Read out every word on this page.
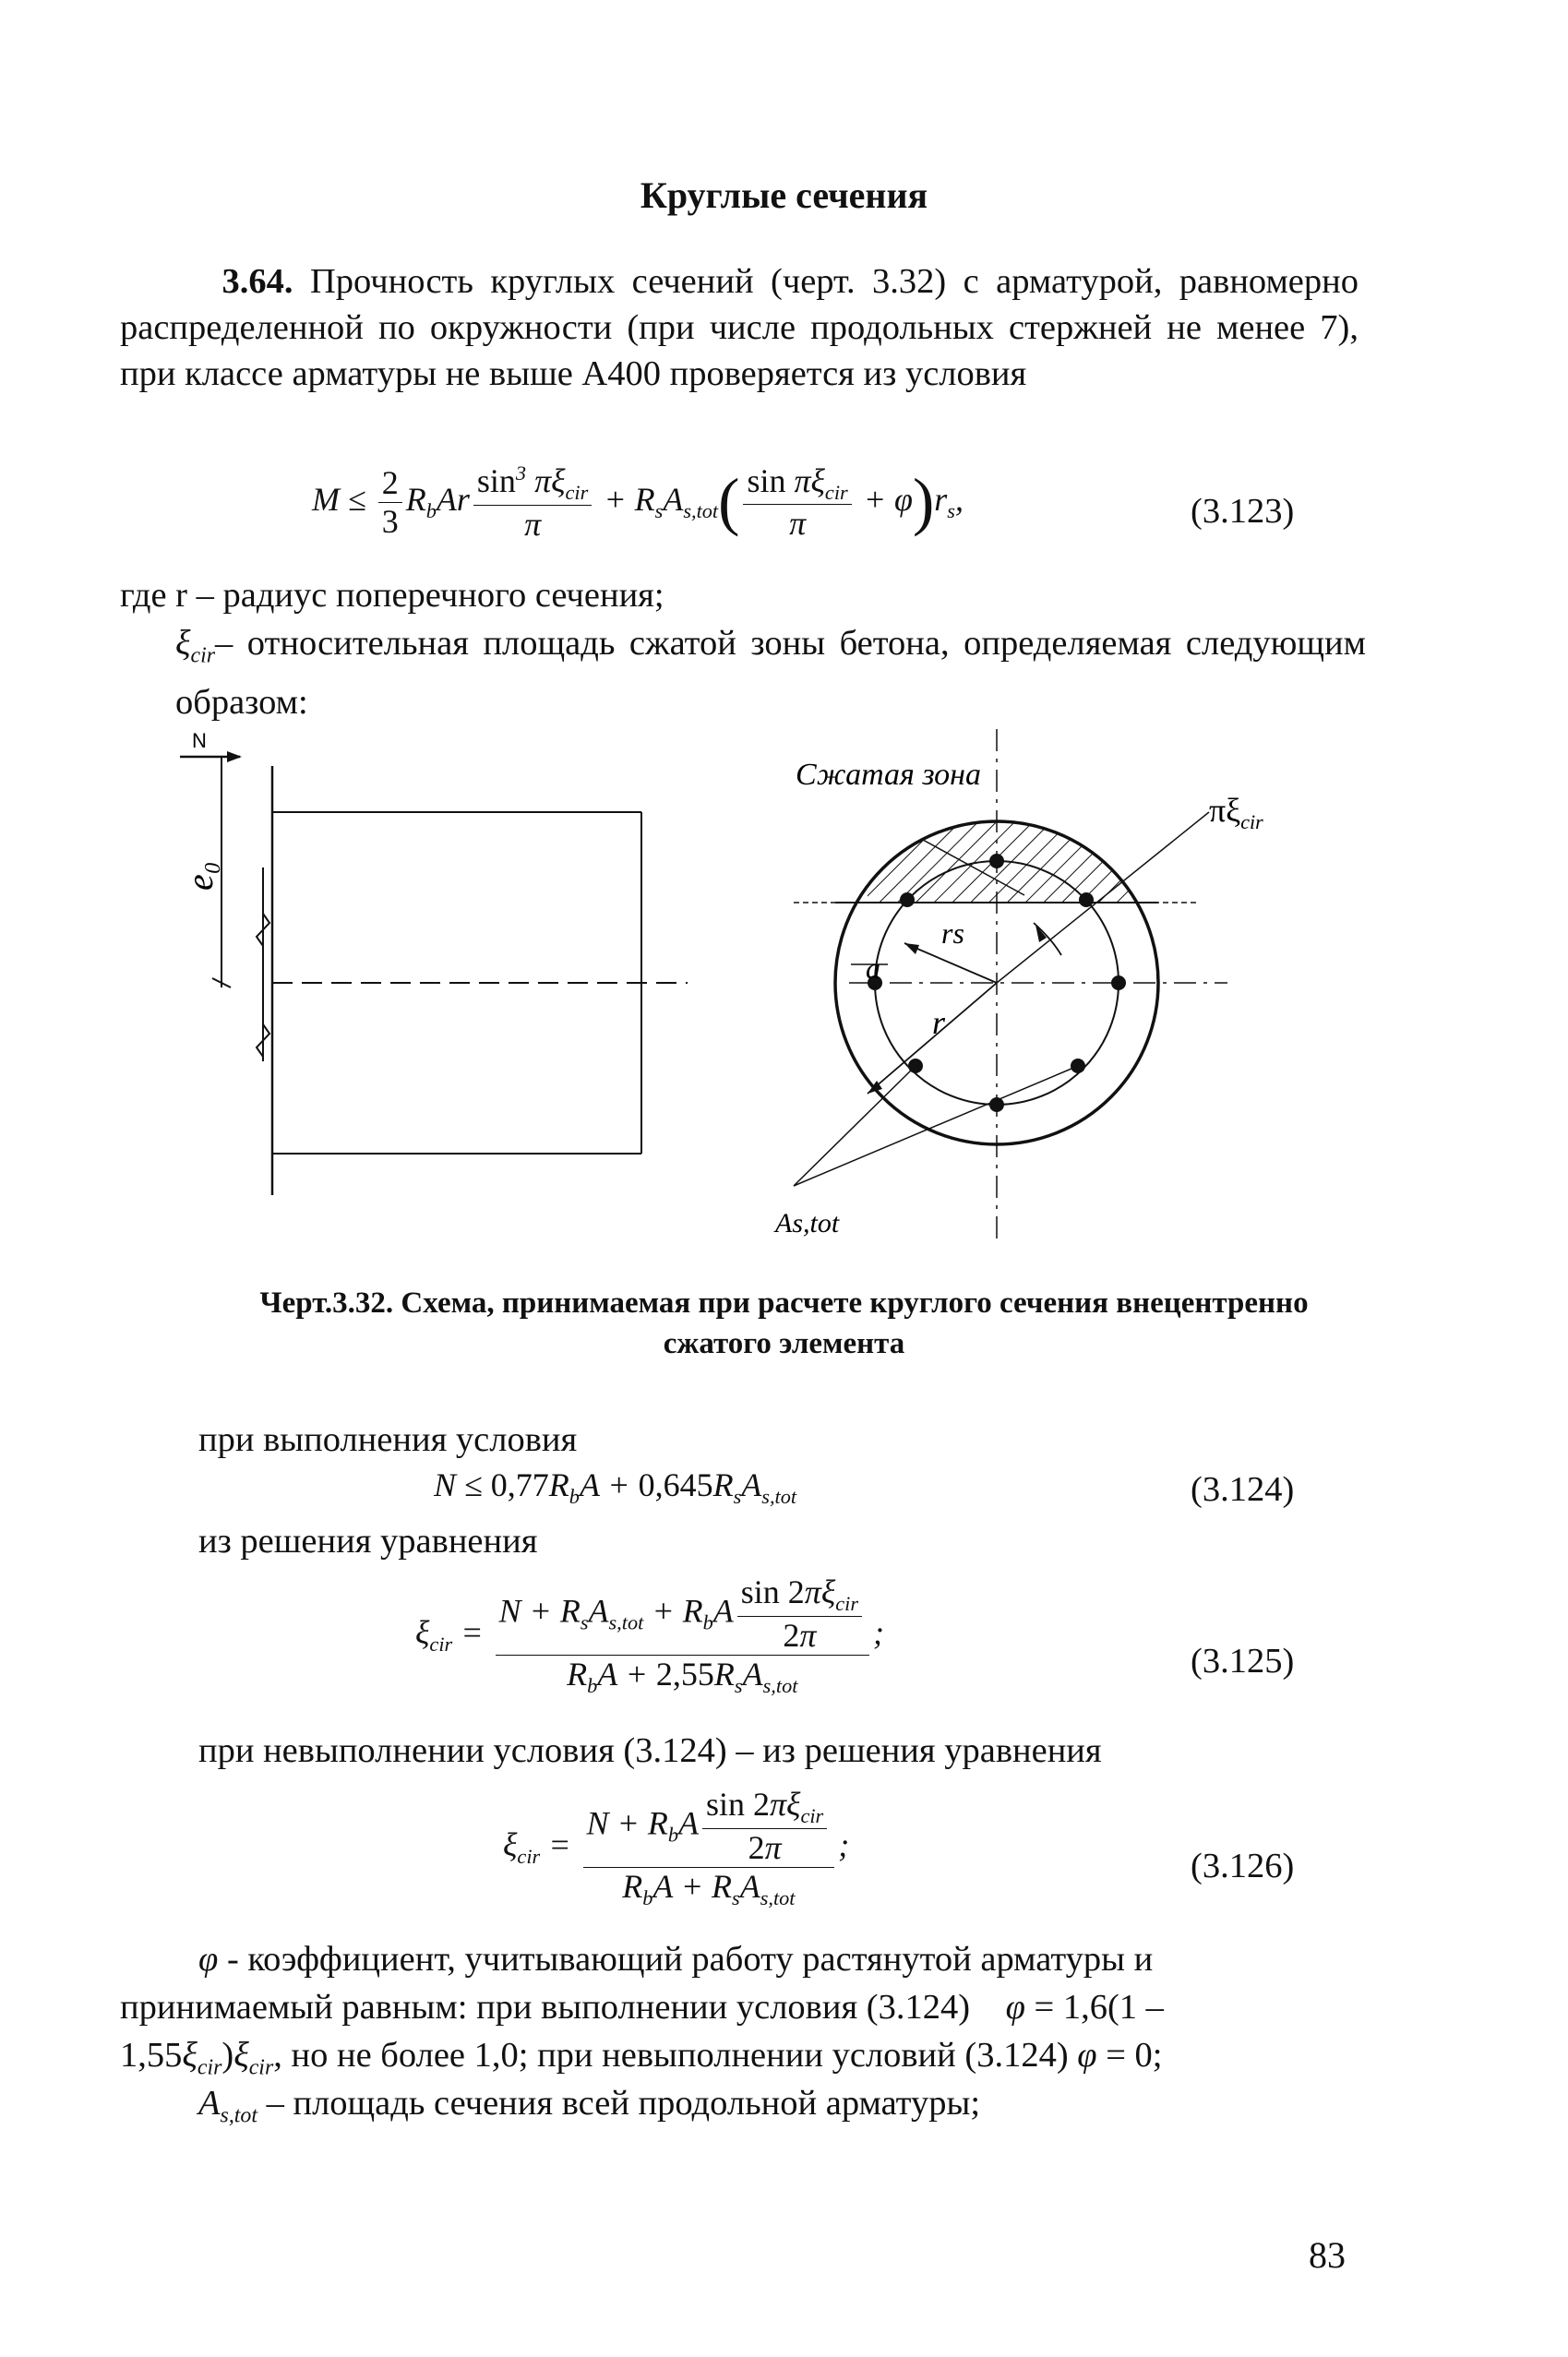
Круглые сечения
3.64. Прочность круглых сечений (черт. 3.32) с арматурой, равномерно распределенной по окружности (при числе продольных стержней не менее 7), при классе арматуры не выше А400 проверяется из условия
$M \le \frac{2}{3} R_bAr \frac{\sin^3 \pi\xi_{cir}}{\pi} + R_sA_{s,tot}( \frac{\sin \pi\xi_{cir}}{\pi} + \varphi)r_s$,	(3.123)
где r – радиус поперечного сечения;
$\xi_{cir}-$ относительная площадь сжатой зоны бетона, определяемая следующим образом:
N
e₀
Сжатая зона
$\pi\xi_{cir}$
a
rs
r
As,tot
Черт.3.32. Схема, принимаемая при расчете круглого сечения внецентренно
сжатого элемента
при выполнения условия
$N \le 0,77R_bA + 0,645R_sA_{s,tot}$	(3.124)
из решения уравнения
$\xi_{cir} = \frac{N + R_sA_{s,tot} + R_bA \frac{\sin 2\pi\xi_{cir}}{2\pi}}{R_bA + 2,55R_sA_{s,tot}}$ ;
(3.125)
при невыполнении условия (3.124) – из решения уравнения
$\xi_{cir} = \frac{N + R_bA \frac{\sin 2\pi\xi_{cir}}{2\pi}}{R_bA + R_sA_{s,tot}}$ ;
(3.126)
φ - коэффициент, учитывающий работу растянутой арматуры и
принимаемый равным: при выполнении условия (3.124) φ = 1,6(1 –
$1,55\xi_{cir})\xi_{cir}$, но не более 1,0; при невыполнении условий (3.124) φ = 0;
$A_{s,tot}$ – площадь сечения всей продольной арматуры;
83
